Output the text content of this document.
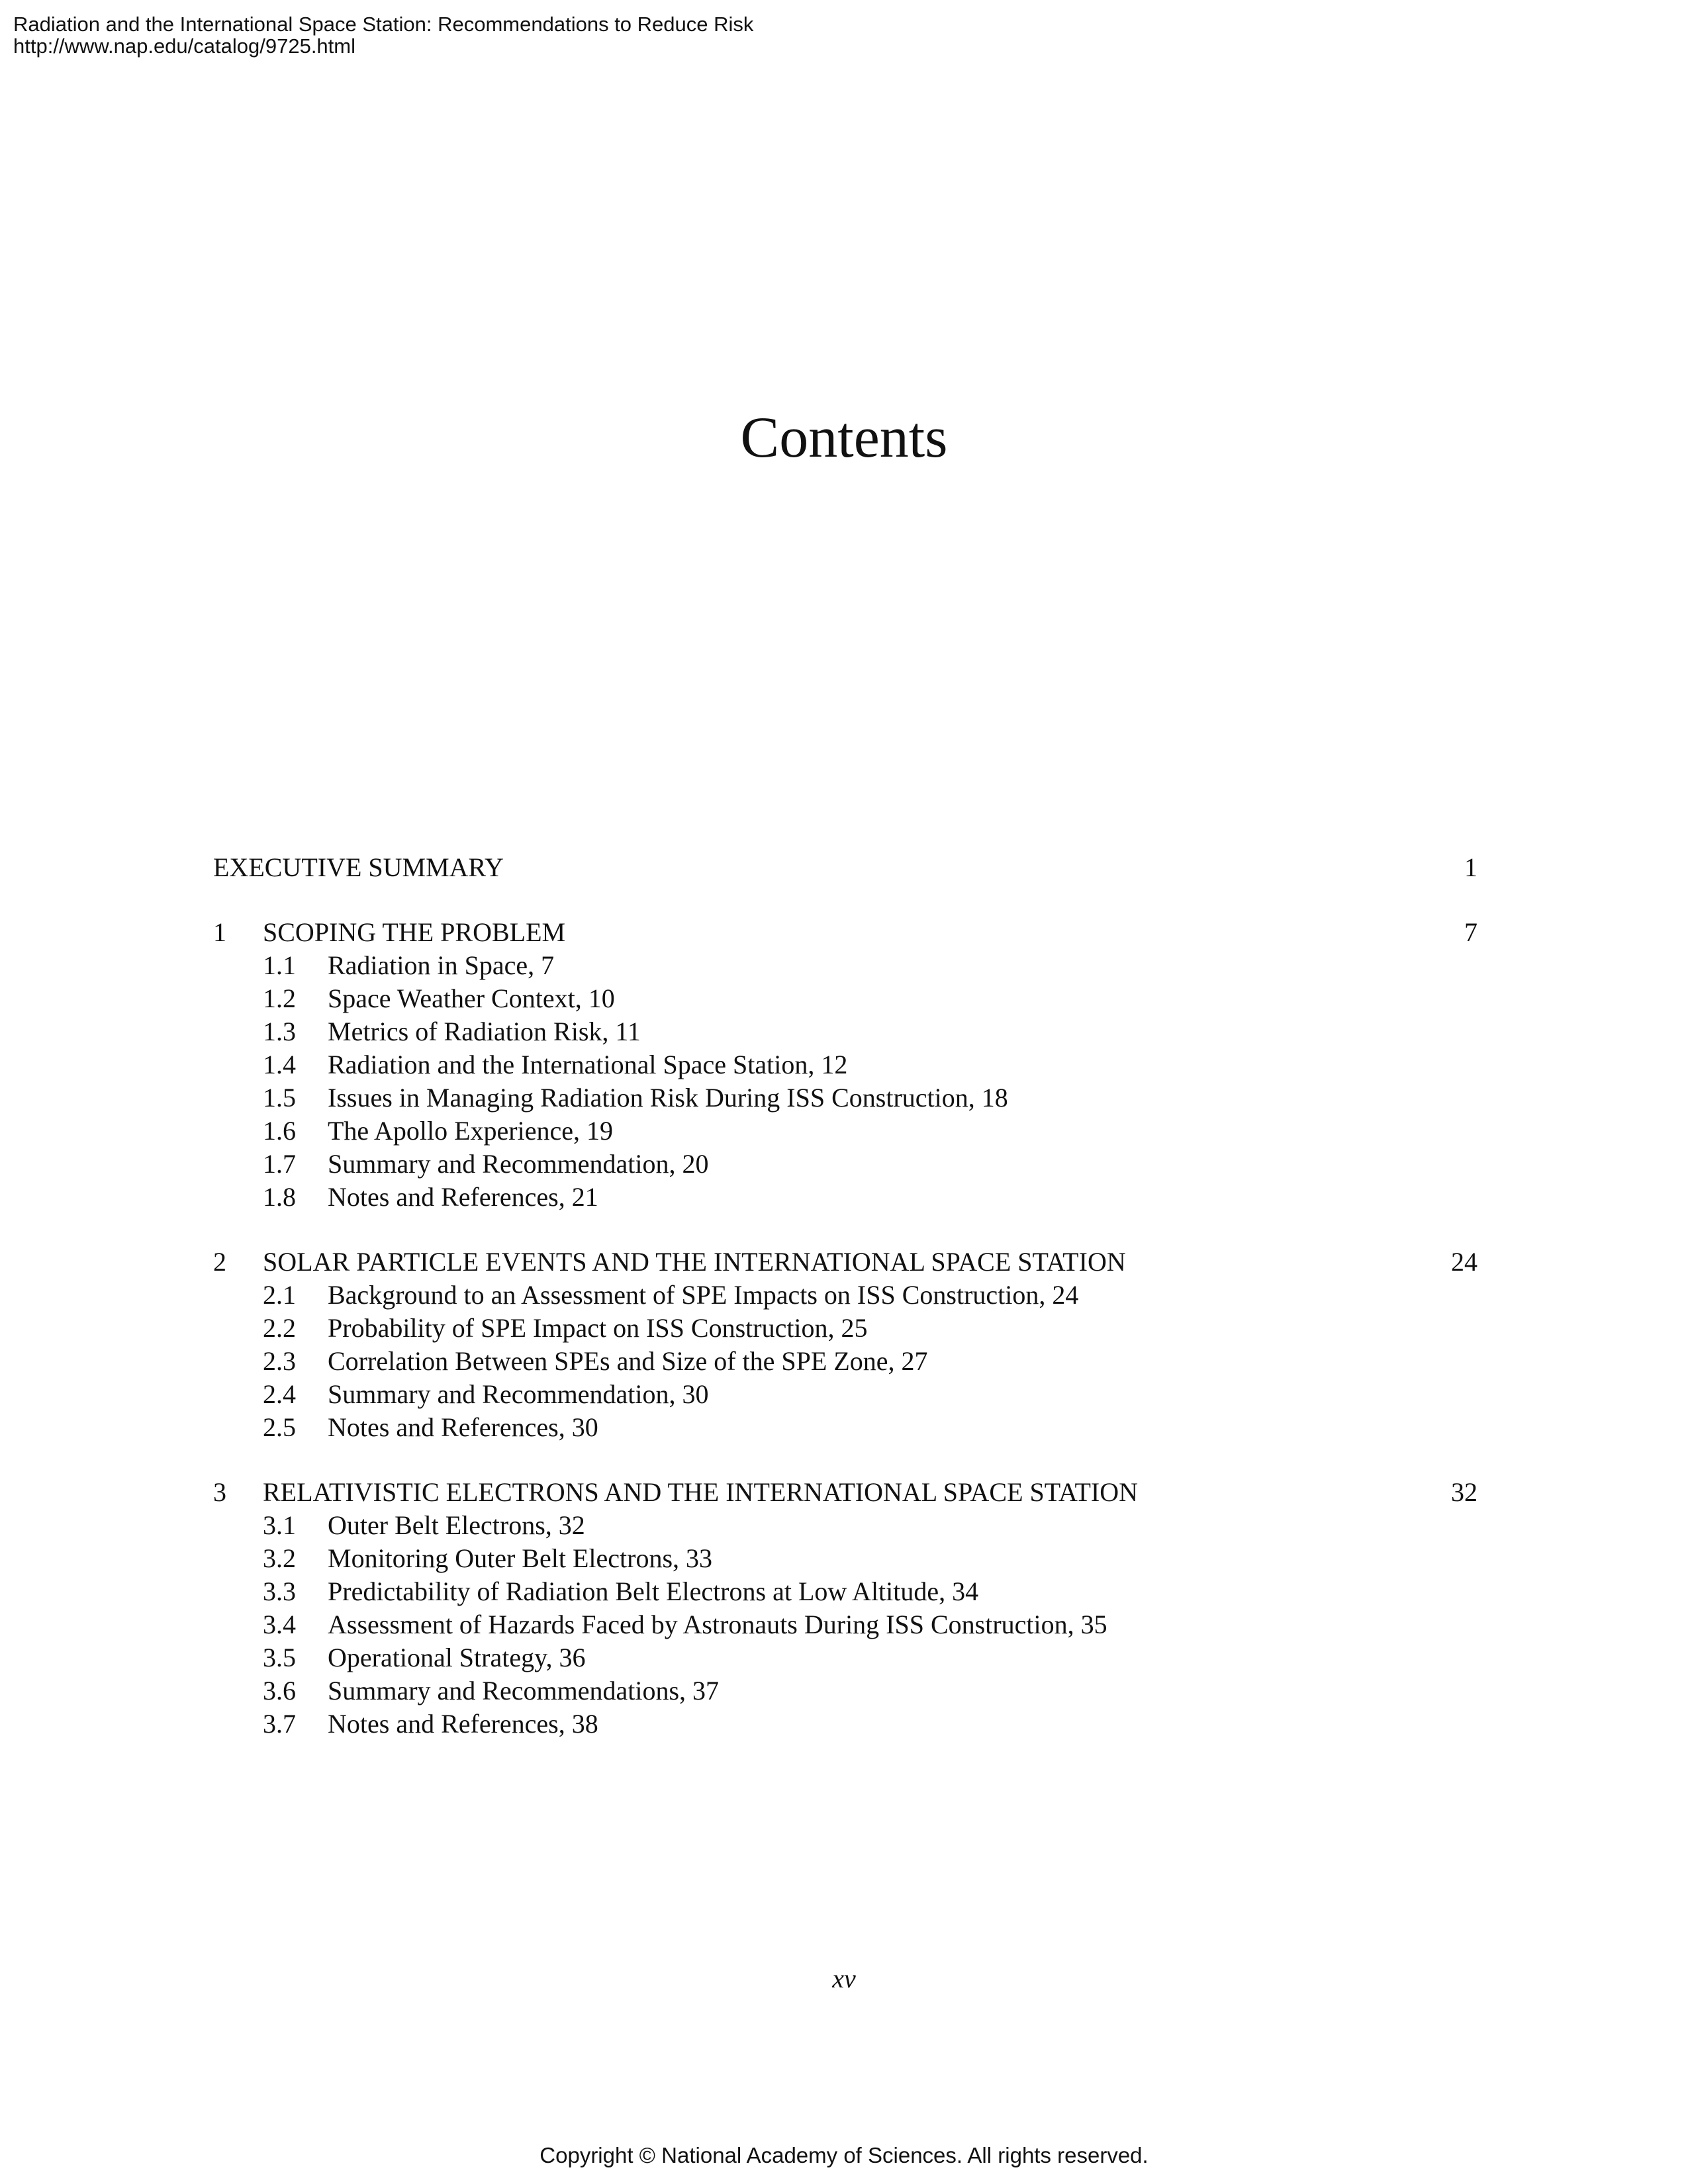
Radiation and the International Space Station: Recommendations to Reduce Risk
http://www.nap.edu/catalog/9725.html
Contents
EXECUTIVE SUMMARY	1
1 SCOPING THE PROBLEM	7
1.1 Radiation in Space, 7
1.2 Space Weather Context, 10
1.3 Metrics of Radiation Risk, 11
1.4 Radiation and the International Space Station, 12
1.5 Issues in Managing Radiation Risk During ISS Construction, 18
1.6 The Apollo Experience, 19
1.7 Summary and Recommendation, 20
1.8 Notes and References, 21
2 SOLAR PARTICLE EVENTS AND THE INTERNATIONAL SPACE STATION	24
2.1 Background to an Assessment of SPE Impacts on ISS Construction, 24
2.2 Probability of SPE Impact on ISS Construction, 25
2.3 Correlation Between SPEs and Size of the SPE Zone, 27
2.4 Summary and Recommendation, 30
2.5 Notes and References, 30
3 RELATIVISTIC ELECTRONS AND THE INTERNATIONAL SPACE STATION	32
3.1 Outer Belt Electrons, 32
3.2 Monitoring Outer Belt Electrons, 33
3.3 Predictability of Radiation Belt Electrons at Low Altitude, 34
3.4 Assessment of Hazards Faced by Astronauts During ISS Construction, 35
3.5 Operational Strategy, 36
3.6 Summary and Recommendations, 37
3.7 Notes and References, 38
xv
Copyright © National Academy of Sciences. All rights reserved.
